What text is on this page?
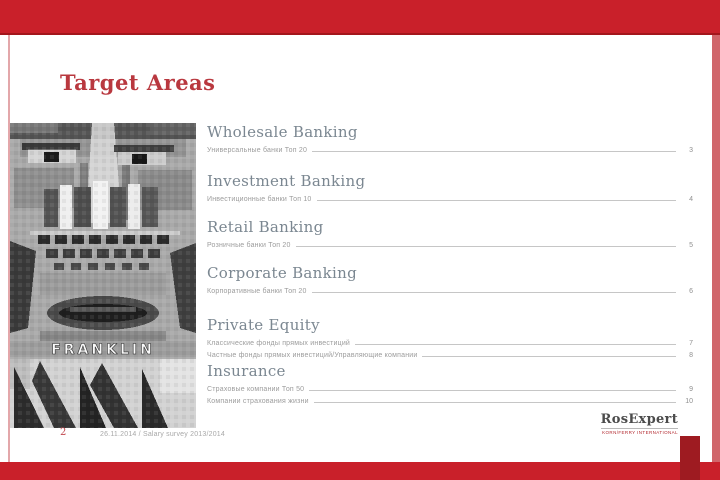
Target Areas
FRANKLIN
Wholesale Banking
Универсальные банки Топ 20	3
Investment Banking
Инвестиционные банки Топ 10	4
Retail Banking
Розничные банки Топ 20	5
Corporate Banking
Корпоративные банки Топ 20	6
Private Equity
Классические фонды прямых инвестиций	7
Частные фонды прямых инвестиций/Управляющие компании	8
Insurance
Страховые компании Топ 50	9
Компании страхования жизни	10
2	26.11.2014 / Salary survey 2013/2014
RosExpert
KORN/FERRY INTERNATIONAL
